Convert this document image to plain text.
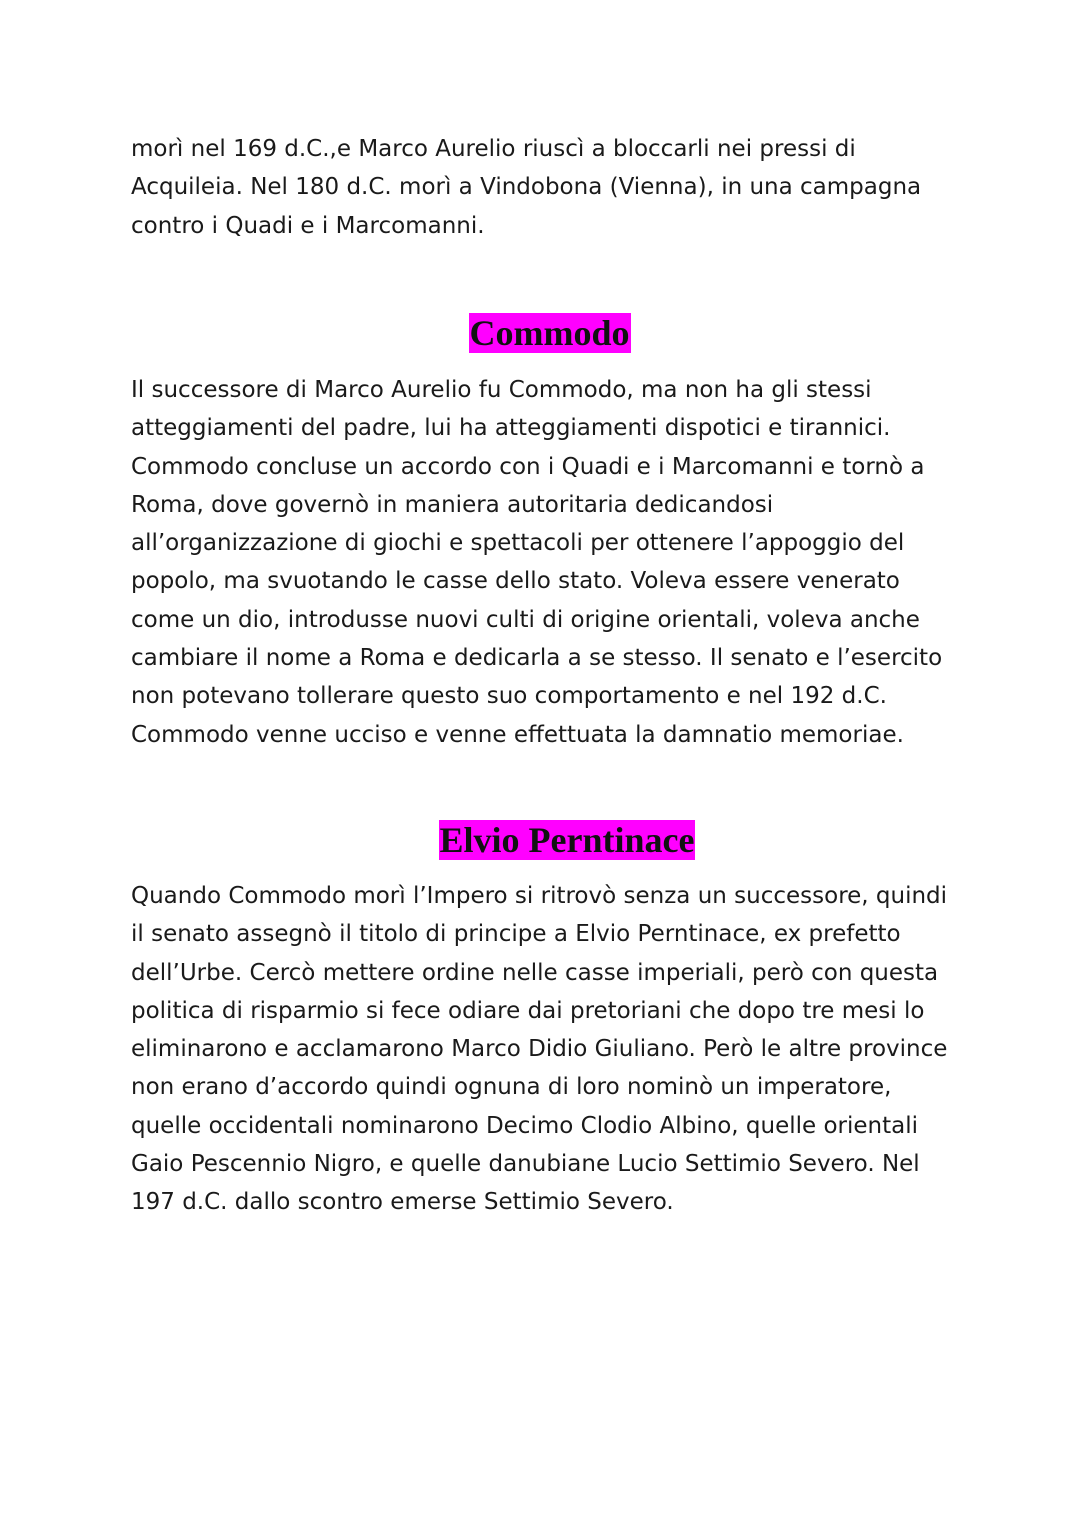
morì nel 169 d.C.,e Marco Aurelio riuscì a bloccarli nei pressi di Acquileia. Nel 180 d.C. morì a Vindobona (Vienna), in una campagna contro i Quadi e i Marcomanni.

Commodo

Il successore di Marco Aurelio fu Commodo, ma non ha gli stessi atteggiamenti del padre, lui ha atteggiamenti dispotici e tirannici. Commodo concluse un accordo con i Quadi e i Marcomanni e tornò a Roma, dove governò in maniera autoritaria dedicandosi all’organizzazione di giochi e spettacoli per ottenere l’appoggio del popolo, ma svuotando le casse dello stato. Voleva essere venerato come un dio, introdusse nuovi culti di origine orientali, voleva anche cambiare il nome a Roma e dedicarla a se stesso. Il senato e l’esercito non potevano tollerare questo suo comportamento e nel 192 d.C. Commodo venne ucciso e venne effettuata la damnatio memoriae.

Elvio Perntinace

Quando Commodo morì l’Impero si ritrovò senza un successore, quindi il senato assegnò il titolo di principe a Elvio Perntinace, ex prefetto dell’Urbe. Cercò mettere ordine nelle casse imperiali, però con questa politica di risparmio si fece odiare dai pretoriani che dopo tre mesi lo eliminarono e acclamarono Marco Didio Giuliano. Però le altre province non erano d’accordo quindi ognuna di loro nominò un imperatore, quelle occidentali nominarono Decimo Clodio Albino, quelle orientali Gaio Pescennio Nigro, e quelle danubiane Lucio Settimio Severo. Nel 197 d.C. dallo scontro emerse Settimio Severo.
